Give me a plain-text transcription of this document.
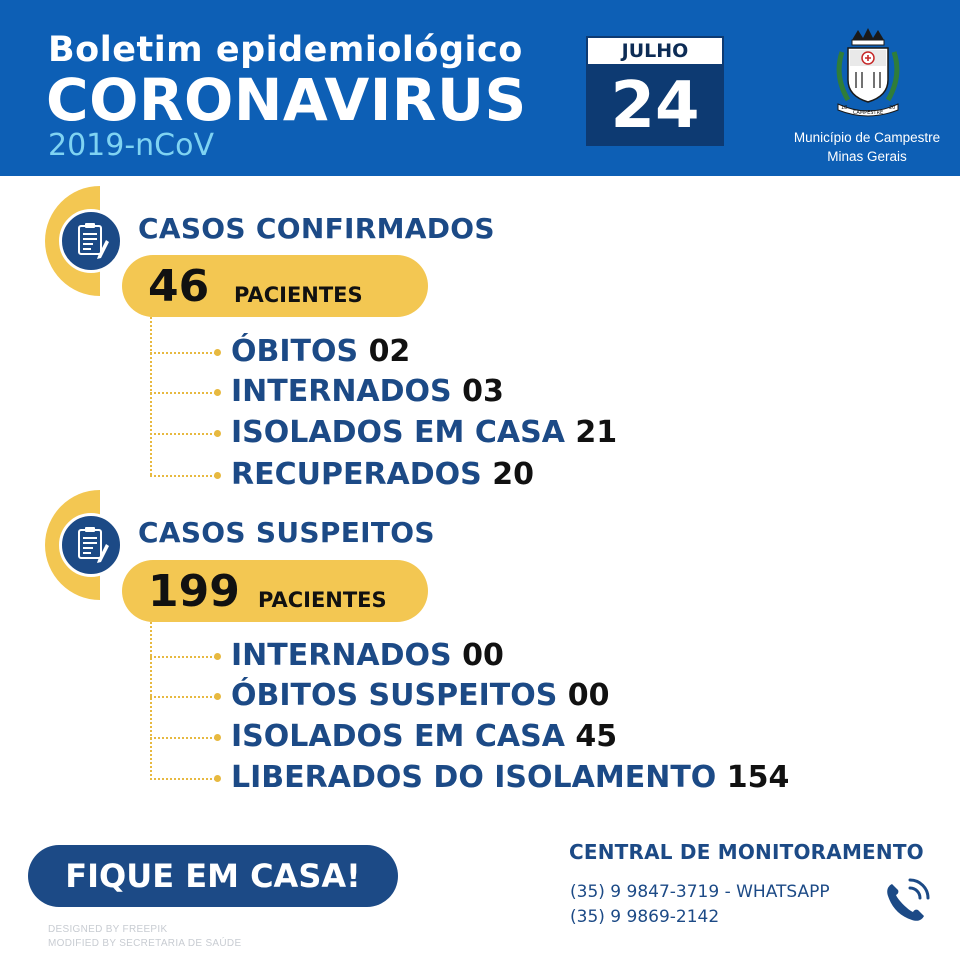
Boletim epidemiológico
CORONAVIRUS
2019-nCoV
JULHO
24	18	20
CAMPESTRE
Município de Campestre
Minas Gerais
CASOS CONFIRMADOS
46 PACIENTES
ÓBITOS 02
INTERNADOS 03
ISOLADOS EM CASA 21
RECUPERADOS 20
CASOS SUSPEITOS
199 PACIENTES
INTERNADOS 00
ÓBITOS SUSPEITOS 00
ISOLADOS EM CASA 45
LIBERADOS DO ISOLAMENTO 154
FIQUE EM CASA!
DESIGNED BY FREEPIK
MODIFIED BY SECRETARIA DE SAÚDE
CENTRAL DE MONITORAMENTO
(35) 9 9847-3719 - WHATSAPP
(35) 9 9869-2142
